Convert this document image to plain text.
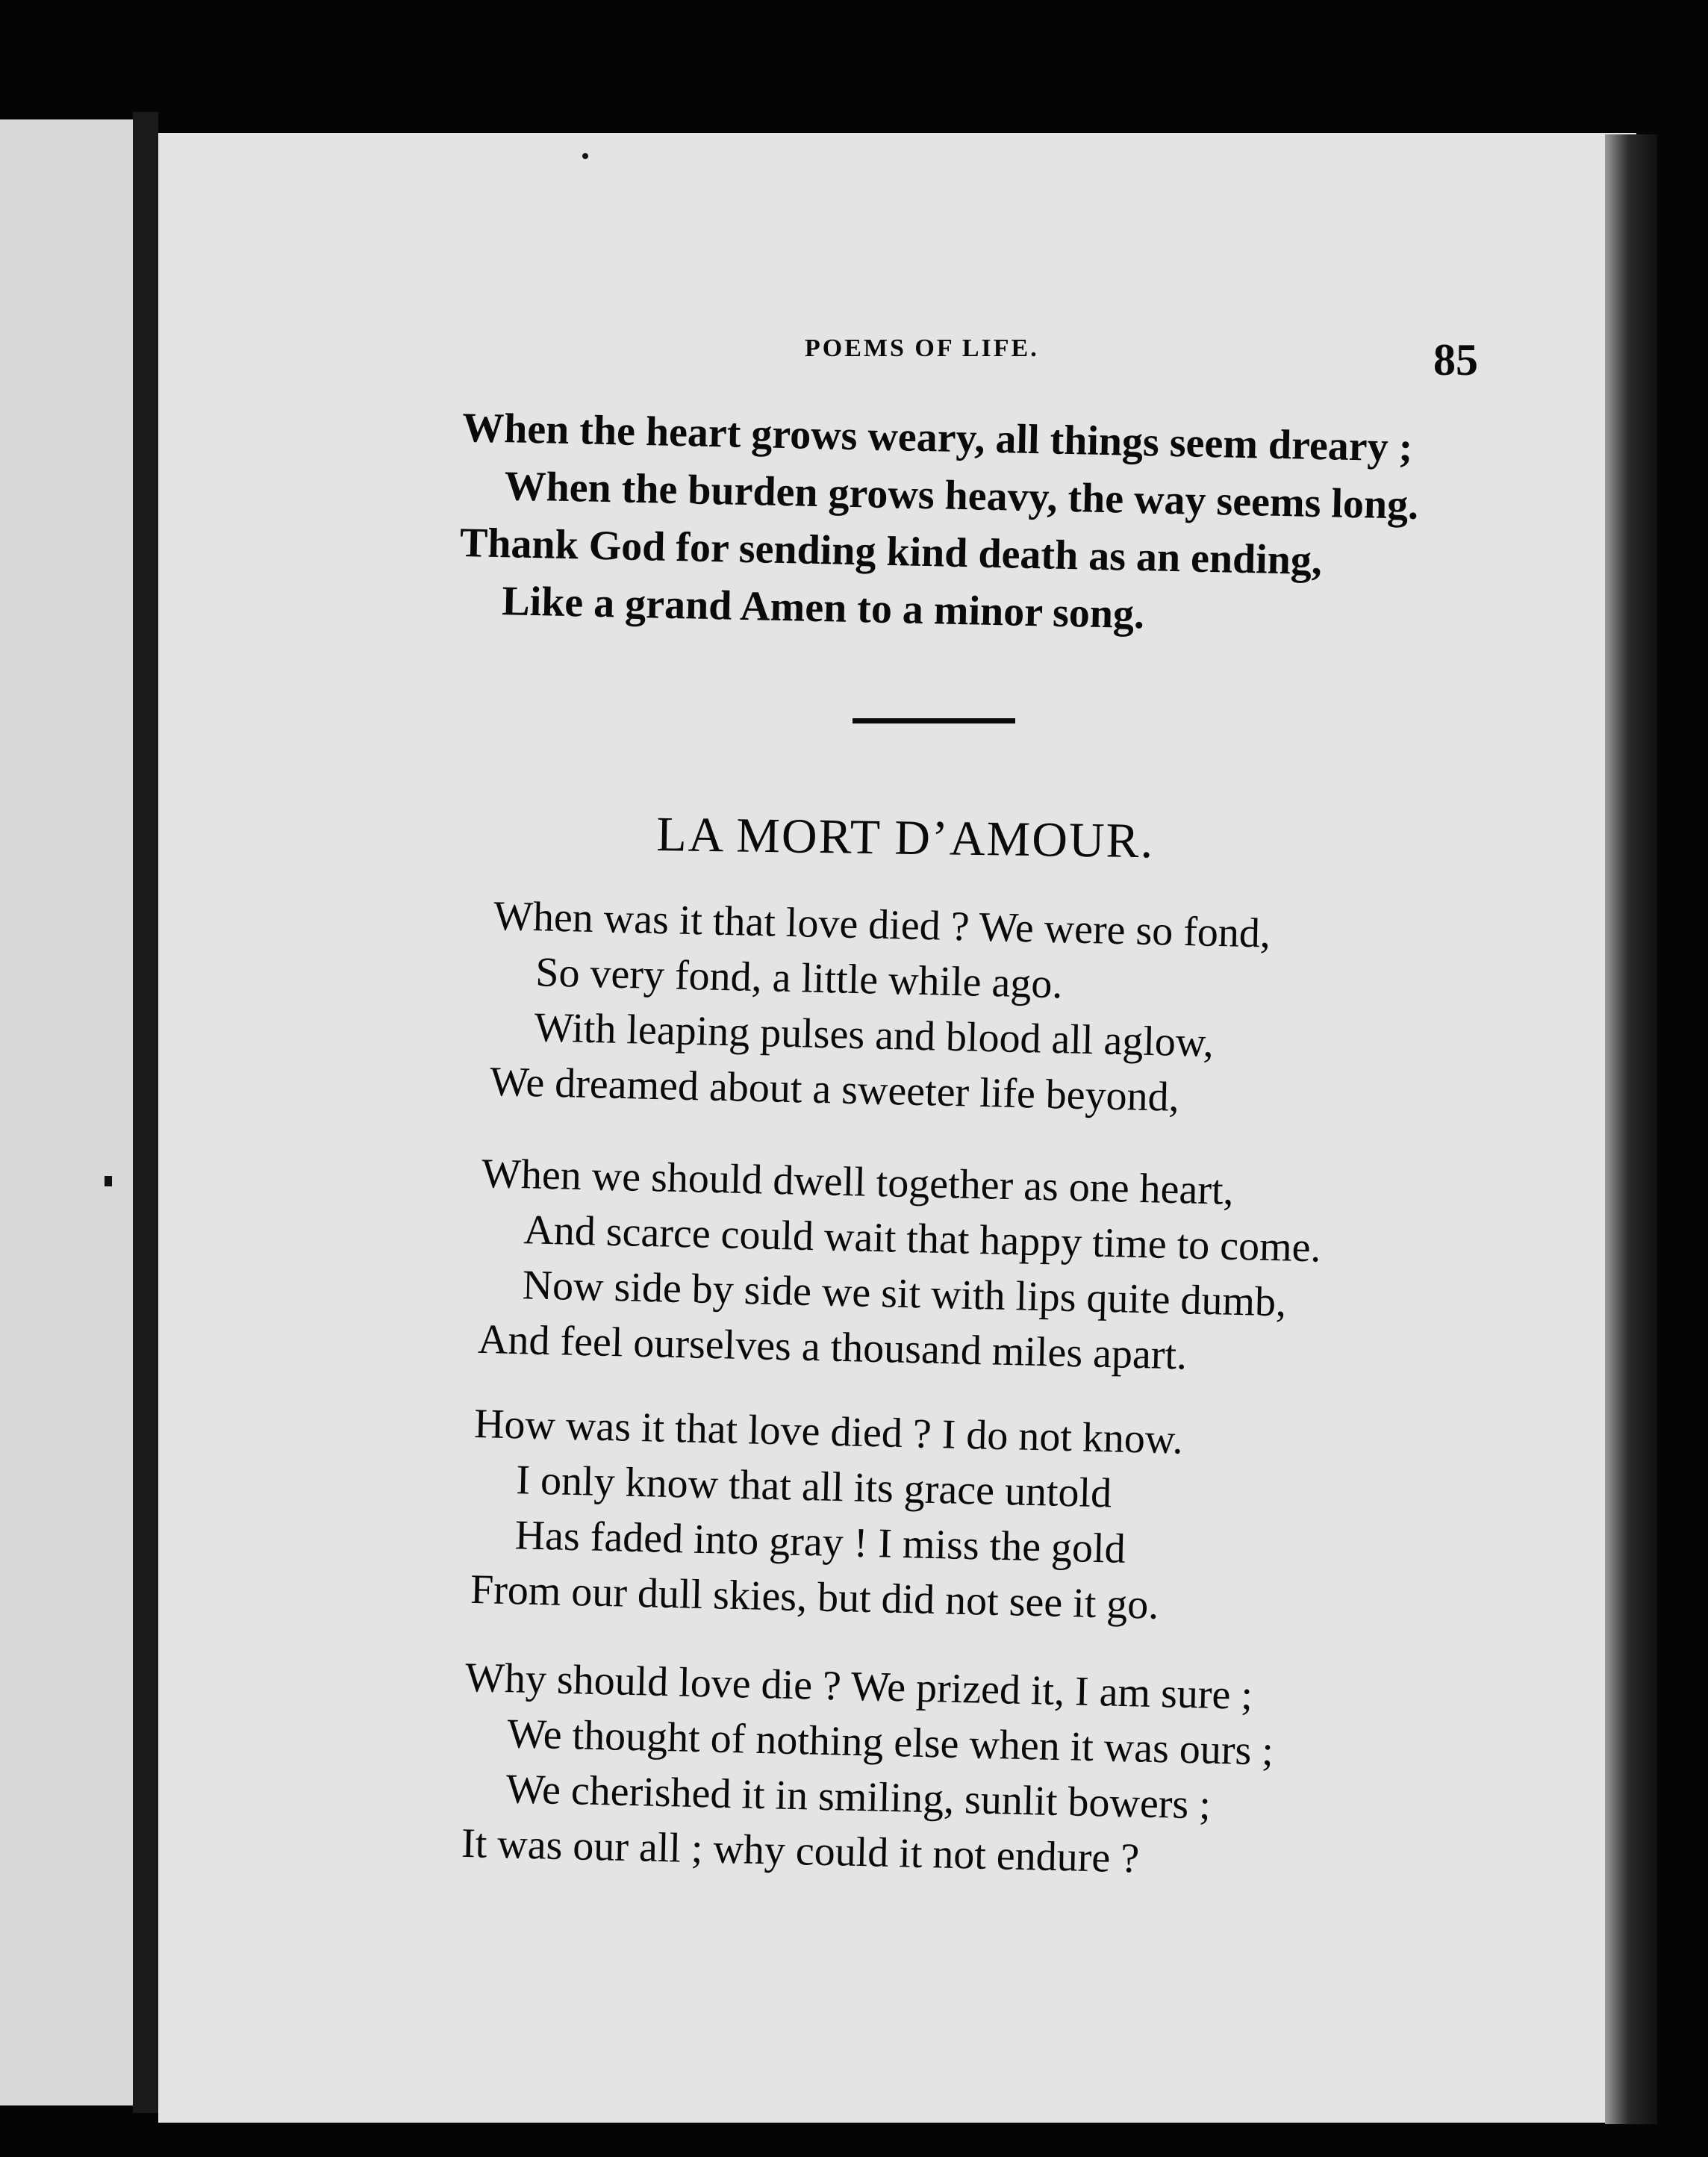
POEMS OF LIFE.	85
When the heart grows weary, all things seem dreary ;
When the burden grows heavy, the way seems long.
Thank God for sending kind death as an ending,
Like a grand Amen to a minor song.
LA MORT D’AMOUR.
When was it that love died ? We were so fond,
So very fond, a little while ago.
With leaping pulses and blood all aglow,
We dreamed about a sweeter life beyond,
When we should dwell together as one heart,
And scarce could wait that happy time to come.
Now side by side we sit with lips quite dumb,
And feel ourselves a thousand miles apart.
How was it that love died ? I do not know.
I only know that all its grace untold
Has faded into gray ! I miss the gold
From our dull skies, but did not see it go.
Why should love die ? We prized it, I am sure ;
We thought of nothing else when it was ours ;
We cherished it in smiling, sunlit bowers ;
It was our all ; why could it not endure ?
